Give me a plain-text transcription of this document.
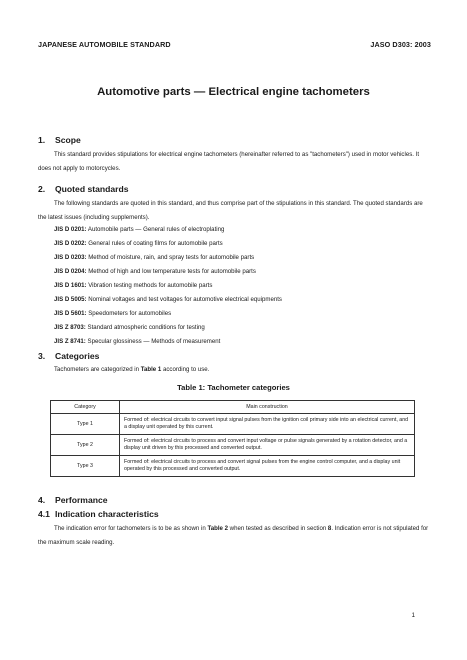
JAPANESE AUTOMOBILE STANDARD	JASO D303: 2003
Automotive parts — Electrical engine tachometers
1. Scope
This standard provides stipulations for electrical engine tachometers (hereinafter referred to as "tachometers") used in motor vehicles. It does not apply to motorcycles.
2. Quoted standards
The following standards are quoted in this standard, and thus comprise part of the stipulations in this standard. The quoted standards are the latest issues (including supplements).
JIS D 0201: Automobile parts — General rules of electroplating
JIS D 0202: General rules of coating films for automobile parts
JIS D 0203: Method of moisture, rain, and spray tests for automobile parts
JIS D 0204: Method of high and low temperature tests for automobile parts
JIS D 1601: Vibration testing methods for automobile parts
JIS D 5005: Nominal voltages and test voltages for automotive electrical equipments
JIS D 5601: Speedometers for automobiles
JIS Z 8703: Standard atmospheric conditions for testing
JIS Z 8741: Specular glossiness — Methods of measurement
3. Categories
Tachometers are categorized in Table 1 according to use.
Table 1: Tachometer categories
Category	Main construction
Type 1	Formed of: electrical circuits to convert input signal pulses from the ignition coil primary side into an electrical current, and a display unit operated by this current.
Type 2	Formed of: electrical circuits to process and convert input voltage or pulse signals generated by a rotation detector, and a display unit driven by this processed and converted output.
Type 3	Formed of: electrical circuits to process and convert signal pulses from the engine control computer, and a display unit operated by this processed and converted output.
4. Performance
4.1 Indication characteristics
The indication error for tachometers is to be as shown in Table 2 when tested as described in section 8. Indication error is not stipulated for the maximum scale reading.
1
